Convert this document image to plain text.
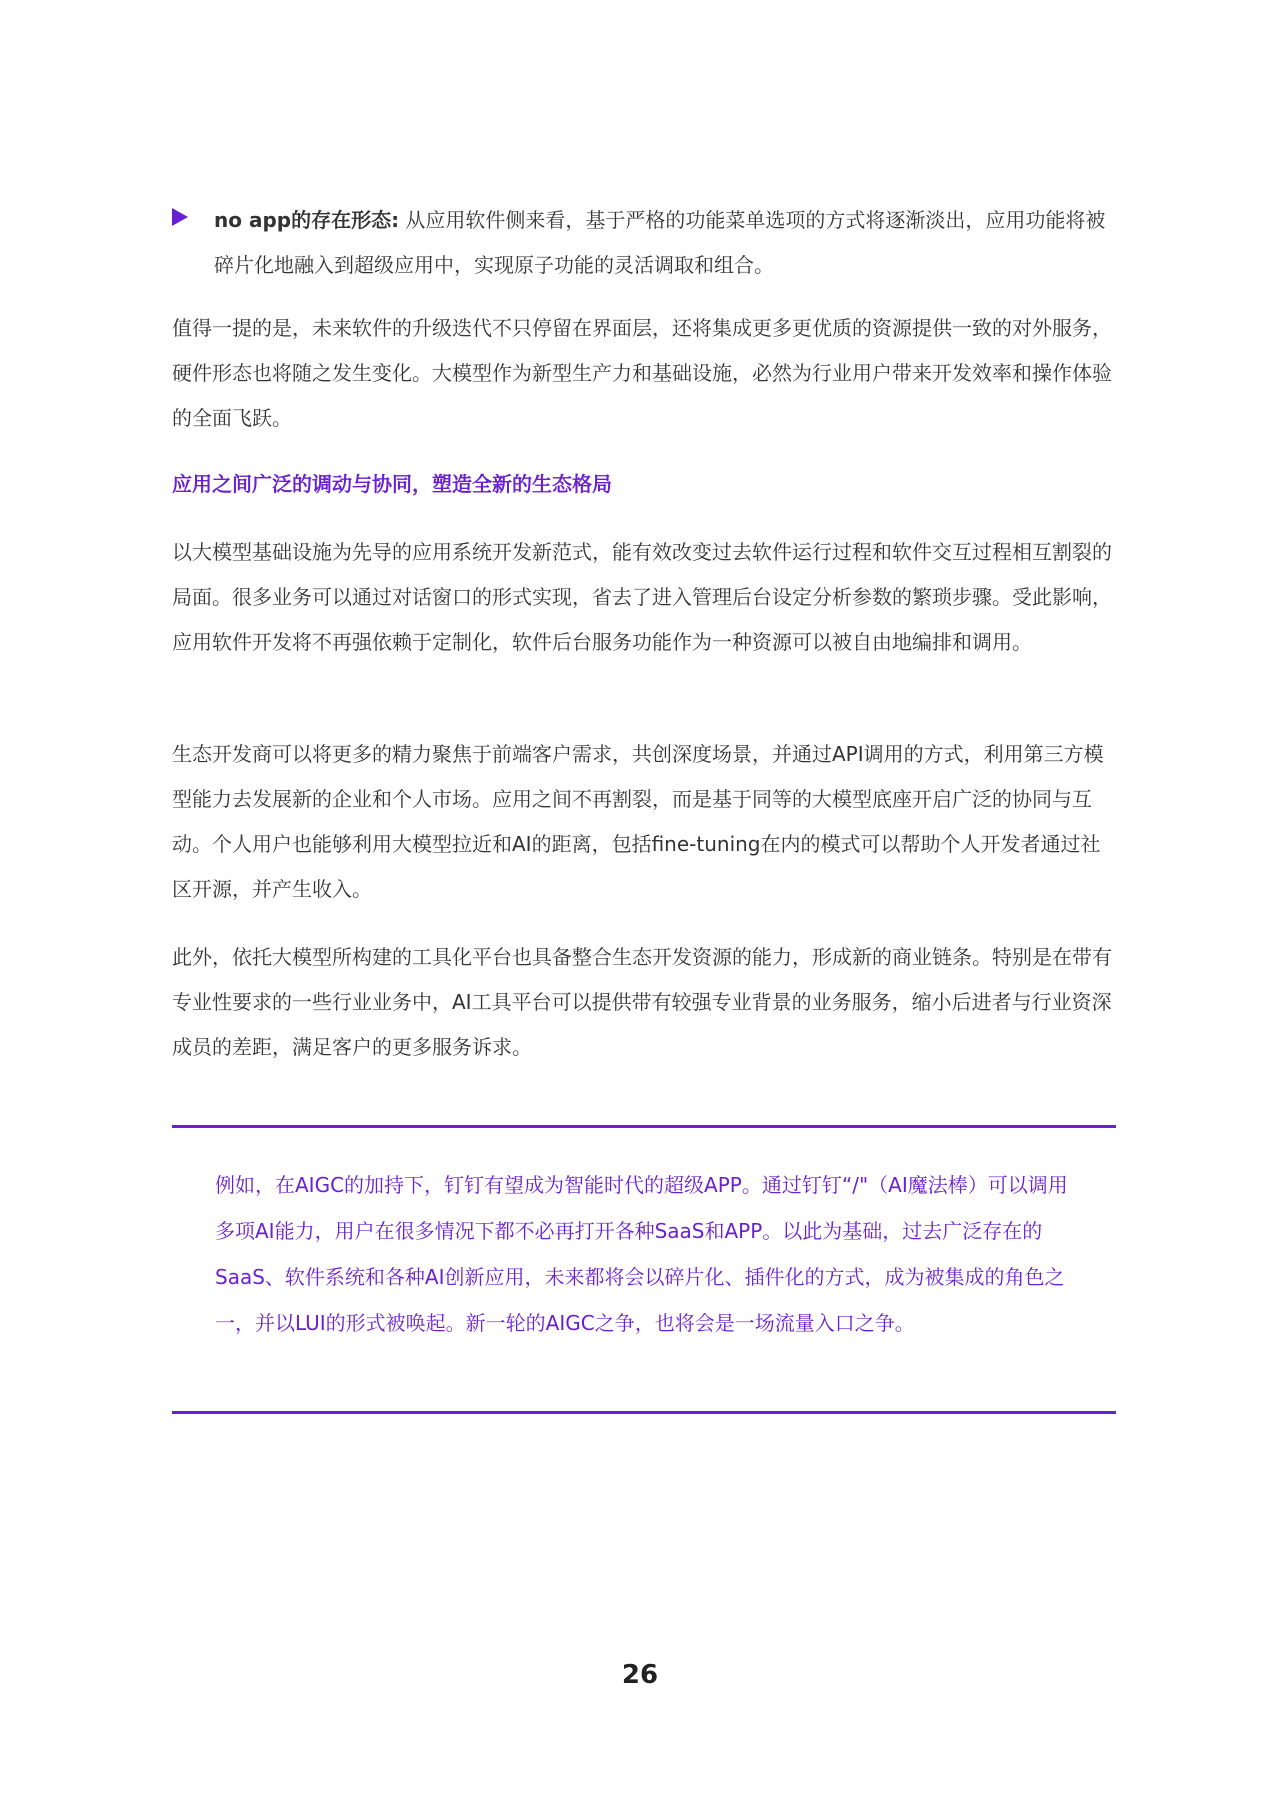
no app的存在形态: 从应用软件侧来看，基于严格的功能菜单选项的方式将逐渐淡出，应用功能将被碎片化地融入到超级应用中，实现原子功能的灵活调取和组合。

值得一提的是，未来软件的升级迭代不只停留在界面层，还将集成更多更优质的资源提供一致的对外服务，硬件形态也将随之发生变化。大模型作为新型生产力和基础设施，必然为行业用户带来开发效率和操作体验的全面飞跃。

应用之间广泛的调动与协同，塑造全新的生态格局

以大模型基础设施为先导的应用系统开发新范式，能有效改变过去软件运行过程和软件交互过程相互割裂的局面。很多业务可以通过对话窗口的形式实现，省去了进入管理后台设定分析参数的繁琐步骤。受此影响，应用软件开发将不再强依赖于定制化，软件后台服务功能作为一种资源可以被自由地编排和调用。

生态开发商可以将更多的精力聚焦于前端客户需求，共创深度场景，并通过API调用的方式，利用第三方模型能力去发展新的企业和个人市场。应用之间不再割裂，而是基于同等的大模型底座开启广泛的协同与互动。个人用户也能够利用大模型拉近和AI的距离，包括fine-tuning在内的模式可以帮助个人开发者通过社区开源，并产生收入。

此外，依托大模型所构建的工具化平台也具备整合生态开发资源的能力，形成新的商业链条。特别是在带有专业性要求的一些行业业务中，AI工具平台可以提供带有较强专业背景的业务服务，缩小后进者与行业资深成员的差距，满足客户的更多服务诉求。

例如，在AIGC的加持下，钉钉有望成为智能时代的超级APP。通过钉钉“/"（AI魔法棒）可以调用多项AI能力，用户在很多情况下都不必再打开各种SaaS和APP。以此为基础，过去广泛存在的SaaS、软件系统和各种AI创新应用，未来都将会以碎片化、插件化的方式，成为被集成的角色之一，并以LUI的形式被唤起。新一轮的AIGC之争，也将会是一场流量入口之争。

26
